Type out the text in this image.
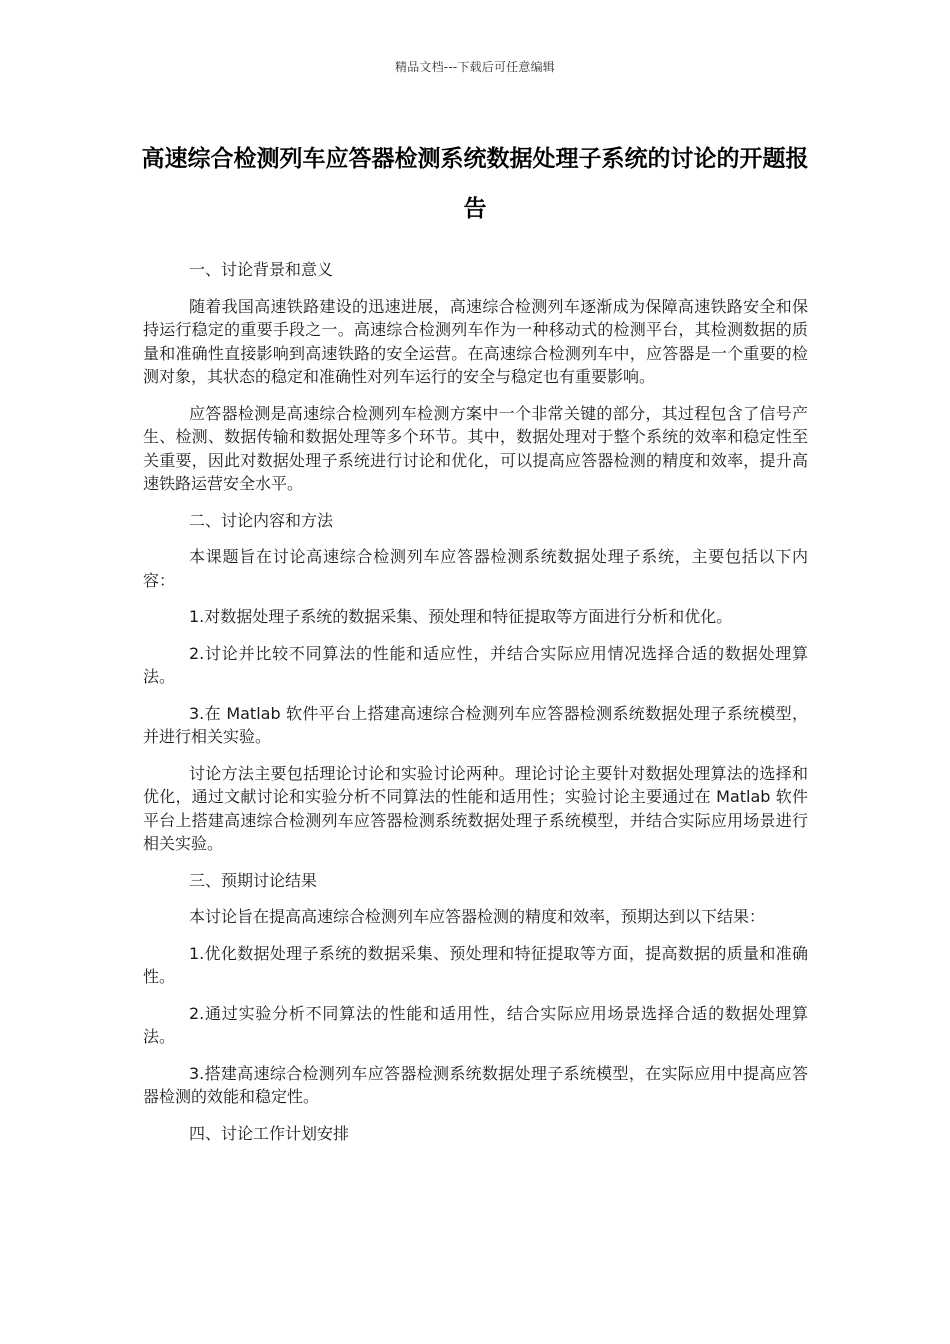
精品文档---下载后可任意编辑
高速综合检测列车应答器检测系统数据处理子系统的讨论的开题报告

一、讨论背景和意义

随着我国高速铁路建设的迅速进展，高速综合检测列车逐渐成为保障高速铁路安全和保持运行稳定的重要手段之一。高速综合检测列车作为一种移动式的检测平台，其检测数据的质量和准确性直接影响到高速铁路的安全运营。在高速综合检测列车中，应答器是一个重要的检测对象，其状态的稳定和准确性对列车运行的安全与稳定也有重要影响。

应答器检测是高速综合检测列车检测方案中一个非常关键的部分，其过程包含了信号产生、检测、数据传输和数据处理等多个环节。其中，数据处理对于整个系统的效率和稳定性至关重要，因此对数据处理子系统进行讨论和优化，可以提高应答器检测的精度和效率，提升高速铁路运营安全水平。

二、讨论内容和方法

本课题旨在讨论高速综合检测列车应答器检测系统数据处理子系统，主要包括以下内容：

1.对数据处理子系统的数据采集、预处理和特征提取等方面进行分析和优化。

2.讨论并比较不同算法的性能和适应性，并结合实际应用情况选择合适的数据处理算法。

3.在 Matlab 软件平台上搭建高速综合检测列车应答器检测系统数据处理子系统模型，并进行相关实验。

讨论方法主要包括理论讨论和实验讨论两种。理论讨论主要针对数据处理算法的选择和优化，通过文献讨论和实验分析不同算法的性能和适用性；实验讨论主要通过在 Matlab 软件平台上搭建高速综合检测列车应答器检测系统数据处理子系统模型，并结合实际应用场景进行相关实验。

三、预期讨论结果

本讨论旨在提高高速综合检测列车应答器检测的精度和效率，预期达到以下结果：

1.优化数据处理子系统的数据采集、预处理和特征提取等方面，提高数据的质量和准确性。

2.通过实验分析不同算法的性能和适用性，结合实际应用场景选择合适的数据处理算法。

3.搭建高速综合检测列车应答器检测系统数据处理子系统模型，在实际应用中提高应答器检测的效能和稳定性。

四、讨论工作计划安排
